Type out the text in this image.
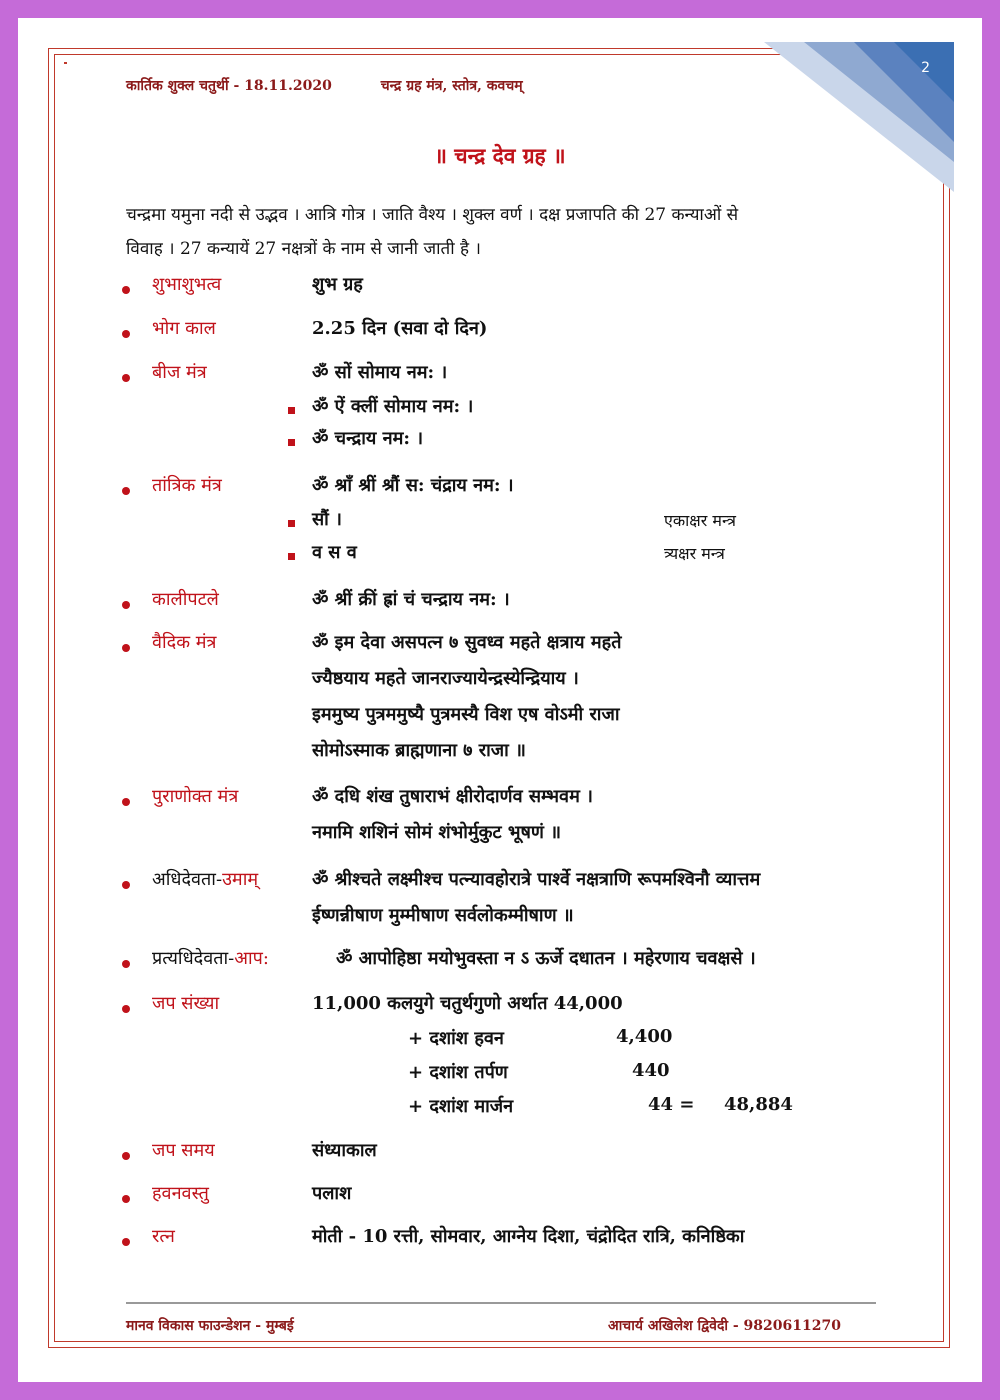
2
कार्तिक शुक्ल चतुर्थी - 18.11.2020	चन्द्र ग्रह मंत्र, स्तोत्र, कवचम्
॥ चन्द्र देव ग्रह ॥
चन्द्रमा यमुना नदी से उद्भव । आत्रि गोत्र । जाति वैश्य । शुक्ल वर्ण । दक्ष प्रजापति की 27 कन्याओं से
विवाह । 27 कन्यायें 27 नक्षत्रों के नाम से जानी जाती है ।
शुभाशुभत्व	शुभ ग्रह
भोग काल	2.25 दिन (सवा दो दिन)
बीज मंत्र	ॐ सों सोमाय नम: ।
ॐ ऐं क्लीं सोमाय नम: ।
ॐ चन्द्राय नम: ।
तांत्रिक मंत्र	ॐ श्राँ श्रीं श्रौं स: चंद्राय नम: ।
सौं ।	एकाक्षर मन्त्र
व स व	त्र्यक्षर मन्त्र
कालीपटले	ॐ श्रीं क्रीं ह्रां चं चन्द्राय नम: ।
वैदिक मंत्र	ॐ इम देवा असपत्न ७ सुवध्व महते क्षत्राय महते
ज्यैष्ठयाय महते जानराज्यायेन्द्रस्येन्द्रियाय ।
इममुष्य पुत्रममुष्यै पुत्रमस्यै विश एष वोऽमी राजा
सोमोऽस्माक ब्राह्मणाना ७ राजा ॥
पुराणोक्त मंत्र	ॐ दधि शंख तुषाराभं क्षीरोदार्णव सम्भवम ।
नमामि शशिनं सोमं शंभोर्मुकुट भूषणं ॥
अधिदेवता-उमाम्	ॐ श्रीश्चते लक्ष्मीश्च पत्न्यावहोरात्रे पार्श्वे नक्षत्राणि रूपमश्विनौ व्यात्तम
ईष्णन्नीषाण मुम्मीषाण सर्वलोकम्मीषाण ॥
प्रत्यधिदेवता-आप:	ॐ आपोहिष्ठा मयोभुवस्ता न ऽ ऊर्जे दधातन । महेरणाय चवक्षसे ।
जप संख्या	11,000 कलयुगे चतुर्थगुणो अर्थात 44,000
+ दशांश हवन	4,400
+ दशांश तर्पण	440
+ दशांश मार्जन	44 = 48,884
जप समय	संध्याकाल
हवनवस्तु	पलाश
रत्न	मोती - 10 रत्ती, सोमवार, आग्नेय दिशा, चंद्रोदित रात्रि, कनिष्ठिका
मानव विकास फाउन्डेशन - मुम्बई	आचार्य अखिलेश द्विवेदी - 9820611270
